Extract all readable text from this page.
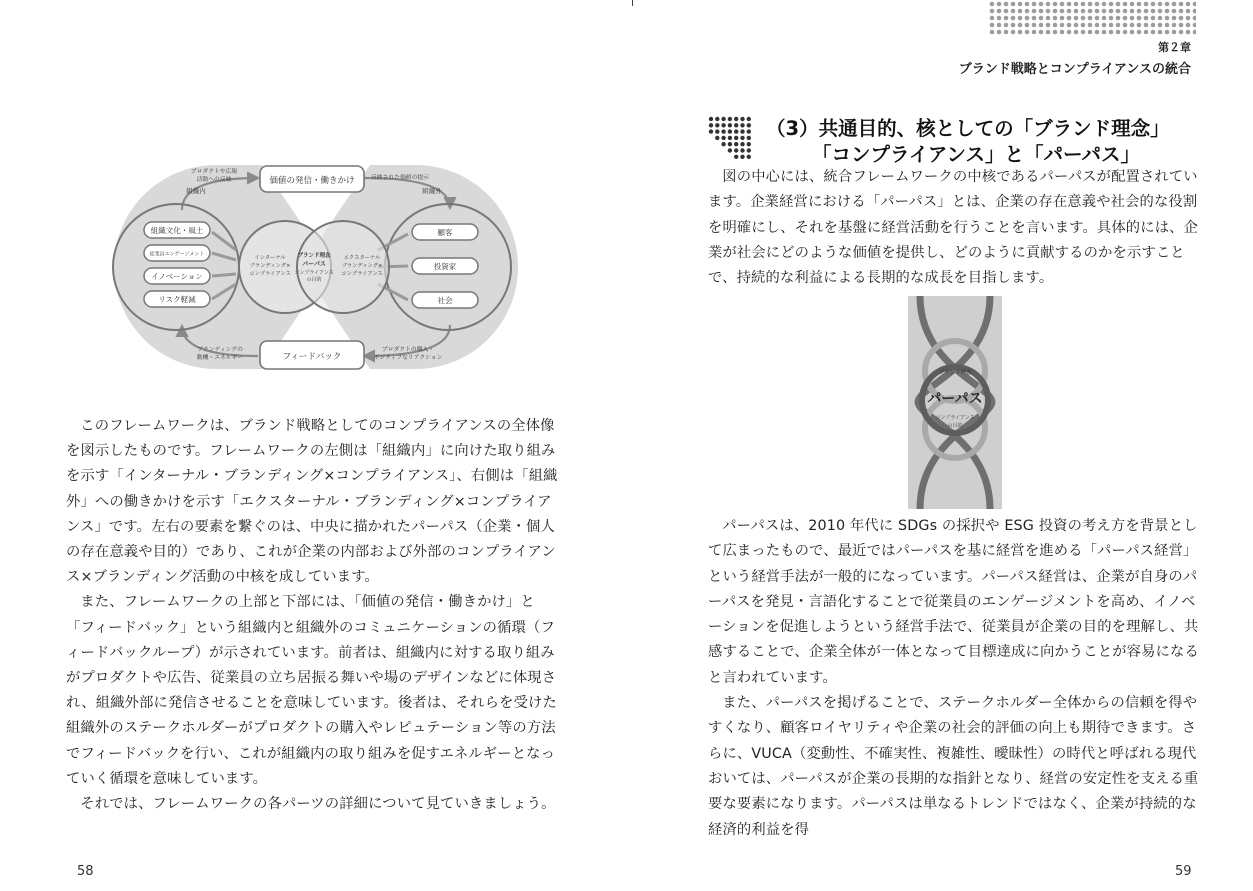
第２章
ブランド戦略とコンプライアンスの統合
価値の発信・働きかけ
フィードバック
プロダクトや広報
活動への反映	反映された価値の提示
ブランディングの
動機・エネルギー
プロダクトの購入・
ポジティブなリアクション
組織内	組織外
組織文化・風土
従業員エンゲージメント
イノベーション
リスク軽減
顧客
投資家
社会
インターナル
ブランディング×
コンプライアンス
エクスターナル
ブランディング×
コンプライアンス
ブランド理念
パーパス
コンプライアンス
の目的

このフレームワークは、ブランド戦略としてのコンプライアンスの全体像を図示したものです。フレームワークの左側は「組織内」に向けた取り組みを示す「インターナル・ブランディング×コンプライアンス」、右側は「組織外」への働きかけを示す「エクスターナル・ブランディング×コンプライアンス」です。左右の要素を繋ぐのは、中央に描かれたパーパス（企業・個人の存在意義や目的）であり、これが企業の内部および外部のコンプライアンス×ブランディング活動の中核を成しています。

また、フレームワークの上部と下部には、「価値の発信・働きかけ」と「フィードバック」という組織内と組織外のコミュニケーションの循環（フィードバックループ）が示されています。前者は、組織内に対する取り組みがプロダクトや広告、従業員の立ち居振る舞いや場のデザインなどに体現され、組織外部に発信させることを意味しています。後者は、それらを受けた組織外のステークホルダーがプロダクトの購入やレピュテーション等の方法でフィードバックを行い、これが組織内の取り組みを促すエネルギーとなっていく循環を意味しています。

それでは、フレームワークの各パーツの詳細について見ていきましょう。

58
（3）共通目的、核としての「ブランド理念」
「コンプライアンス」と「パーパス」

図の中心には、統合フレームワークの中核であるパーパスが配置されています。企業経営における「パーパス」とは、企業の存在意義や社会的な役割を明確にし、それを基盤に経営活動を行うことを言います。具体的には、企業が社会にどのような価値を提供し、どのように貢献するのかを示すことで、持続的な利益による長期的な成長を目指します。

ブランド理念
パーパス
コンプライアンス
の目的

パーパスは、2010 年代に SDGs の採択や ESG 投資の考え方を背景として広まったもので、最近ではパーパスを基に経営を進める「パーパス経営」という経営手法が一般的になっています。パーパス経営は、企業が自身のパーパスを発見・言語化することで従業員のエンゲージメントを高め、イノベーションを促進しようという経営手法で、従業員が企業の目的を理解し、共感することで、企業全体が一体となって目標達成に向かうことが容易になると言われています。

また、パーパスを掲げることで、ステークホルダー全体からの信頼を得やすくなり、顧客ロイヤリティや企業の社会的評価の向上も期待できます。さらに、VUCA（変動性、不確実性、複雑性、曖昧性）の時代と呼ばれる現代おいては、パーパスが企業の長期的な指針となり、経営の安定性を支える重要な要素になります。パーパスは単なるトレンドではなく、企業が持続的な経済的利益を得

59
